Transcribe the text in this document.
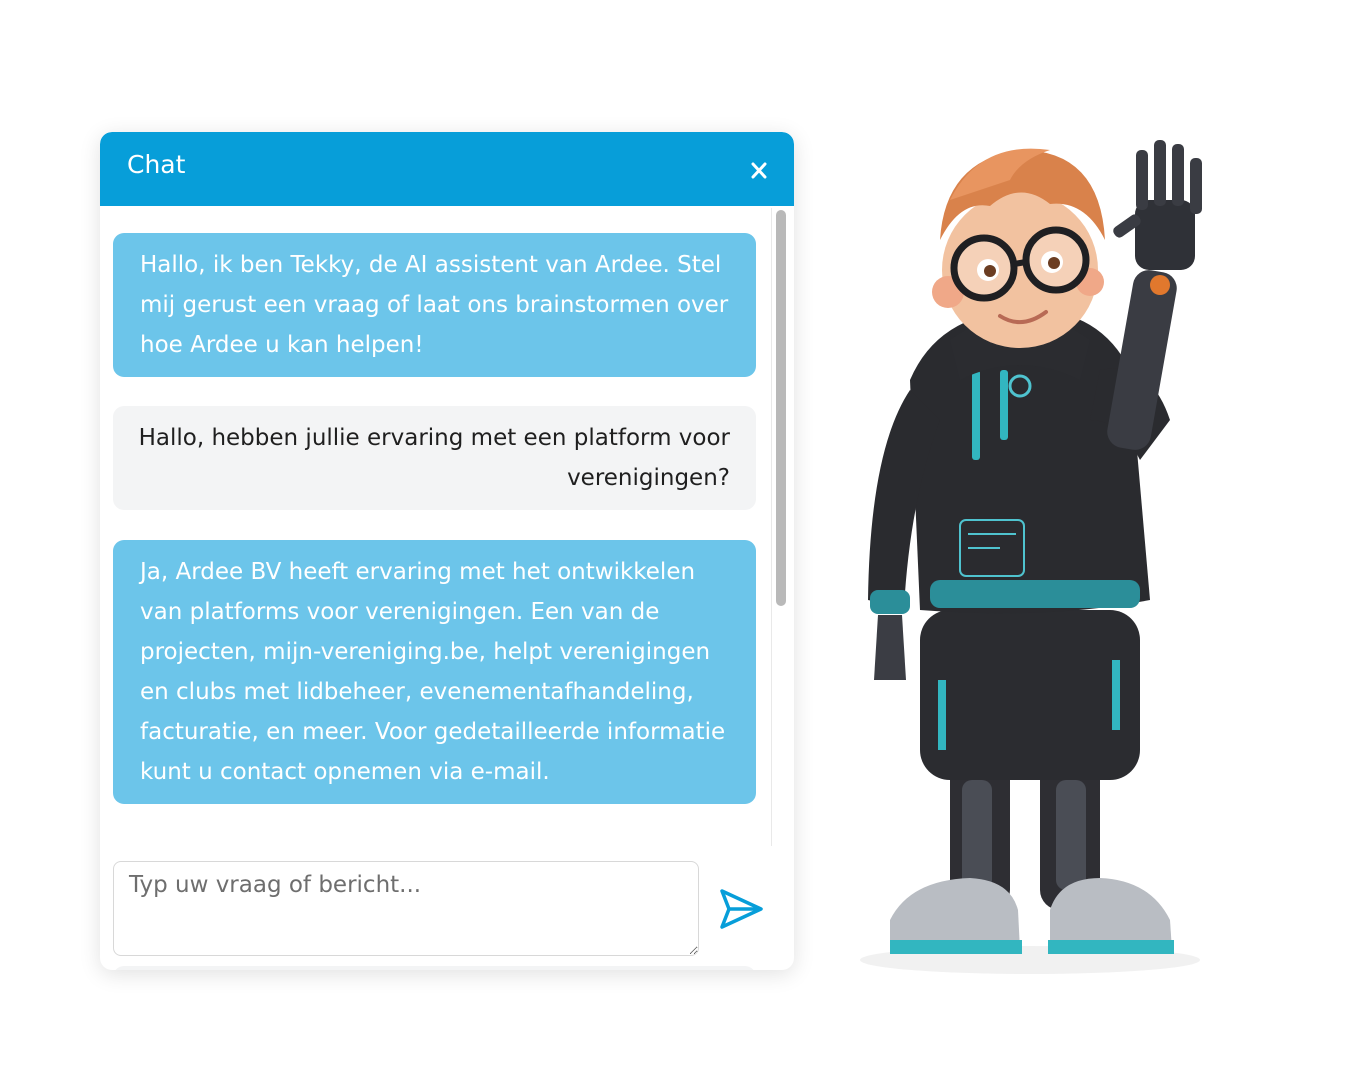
Chat
Hallo, ik ben Tekky, de AI assistent van Ardee. Stel mij gerust een vraag of laat ons brainstormen over hoe Ardee u kan helpen!
Hallo, hebben jullie ervaring met een platform voor verenigingen?
Ja, Ardee BV heeft ervaring met het ontwikkelen van platforms voor verenigingen. Een van de projecten, mijn-vereniging.be, helpt verenigingen en clubs met lidbeheer, evenementafhandeling, facturatie, en meer. Voor gedetailleerde informatie kunt u contact opnemen via e-mail.
Typ uw vraag of bericht...
